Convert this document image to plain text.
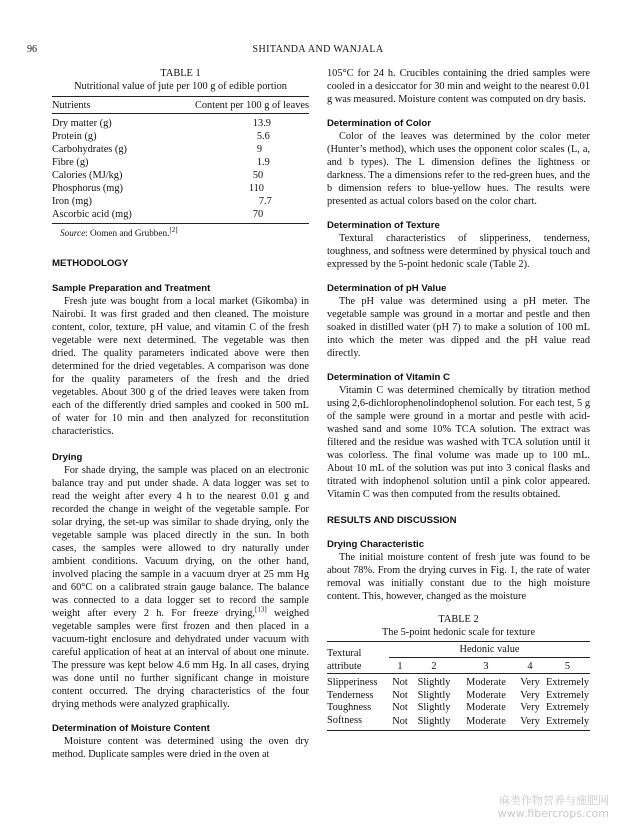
96	SHITANDA AND WANJALA
TABLE 1
Nutritional value of jute per 100 g of edible portion
Nutrients	Content per 100 g of leaves

Dry matter (g)	13.9
Protein (g)	5.6
Carbohydrates (g)	9
Fibre (g)	1.9
Calories (MJ/kg)	50
Phosphorus (mg)	110
Iron (mg)	7.7
Ascorbic acid (mg)	70
Source: Oomen and Grubben.[2]
METHODOLOGY
Sample Preparation and Treatment

Fresh jute was bought from a local market (Gikomba) in Nairobi. It was first graded and then cleaned. The moisture content, color, texture, pH value, and vitamin C of the fresh vegetable were next determined. The vegetable was then dried. The quality parameters indicated above were then determined for the dried vegetables. A comparison was done for the quality parameters of the fresh and the dried vegetables. About 300 g of the dried leaves were taken from each of the differently dried samples and cooked in 500 mL of water for 10 min and then analyzed for reconstitution characteristics.

Drying

For shade drying, the sample was placed on an electronic balance tray and put under shade. A data logger was set to read the weight after every 4 h to the nearest 0.01 g and recorded the change in weight of the vegetable sample. For solar drying, the set-up was similar to shade drying, only the vegetable sample was placed directly in the sun. In both cases, the samples were allowed to dry naturally under ambient conditions. Vacuum drying, on the other hand, involved placing the sample in a vacuum dryer at 25 mm Hg and 60°C on a calibrated strain gauge balance. The balance was connected to a data logger set to record the sample weight after every 2 h. For freeze drying,[13] weighed vegetable samples were first frozen and then placed in a vacuum-tight enclosure and dehydrated under vacuum with careful application of heat at an interval of about one minute. The pressure was kept below 4.6 mm Hg. In all cases, drying was done until no further significant change in moisture content occurred. The drying characteristics of the four drying methods were analyzed graphically.

Determination of Moisture Content

Moisture content was determined using the oven dry method. Duplicate samples were dried in the oven at

105°C for 24 h. Crucibles containing the dried samples were cooled in a desiccator for 30 min and weight to the nearest 0.01 g was measured. Moisture content was computed on dry basis.

Determination of Color

Color of the leaves was determined by the color meter (Hunter’s method), which uses the opponent color scales (L, a, and b types). The L dimension defines the lightness or darkness. The a dimensions refer to the red-green hues, and the b dimension refers to blue-yellow hues. The results were presented as actual colors based on the color chart.

Determination of Texture

Textural characteristics of slipperiness, tenderness, toughness, and softness were determined by physical touch and expressed by the 5-point hedonic scale (Table 2).

Determination of pH Value

The pH value was determined using a pH meter. The vegetable sample was ground in a mortar and pestle and then soaked in distilled water (pH 7) to make a solution of 100 mL into which the meter was dipped and the pH value read directly.

Determination of Vitamin C

Vitamin C was determined chemically by titration method using 2,6-dichlorophenolindophenol solution. For each test, 5 g of the sample were ground in a mortar and pestle with acid-washed sand and some 10% TCA solution. The extract was filtered and the residue was washed with TCA solution until it was colorless. The final volume was made up to 100 mL. About 10 mL of the solution was put into 3 conical flasks and titrated with indophenol solution until a pink color appeared. Vitamin C was then computed from the results obtained.

RESULTS AND DISCUSSION
Drying Characteristic

The initial moisture content of fresh jute was found to be about 78%. From the drying curves in Fig. 1, the rate of water removal was initially constant due to the high moisture content. This, however, changed as the moisture

TABLE 2
The 5-point hedonic scale for texture
Textural
attribute	Hedonic value				
	1	2	3	4	5

Slipperiness	Not	Slightly	Moderate	Very	Extremely
Tenderness	Not	Slightly	Moderate	Very	Extremely
Toughness	Not	Slightly	Moderate	Very	Extremely
Softness	Not	Slightly	Moderate	Very	Extremely
麻类作物营养与施肥网
www.fibercrops.com
